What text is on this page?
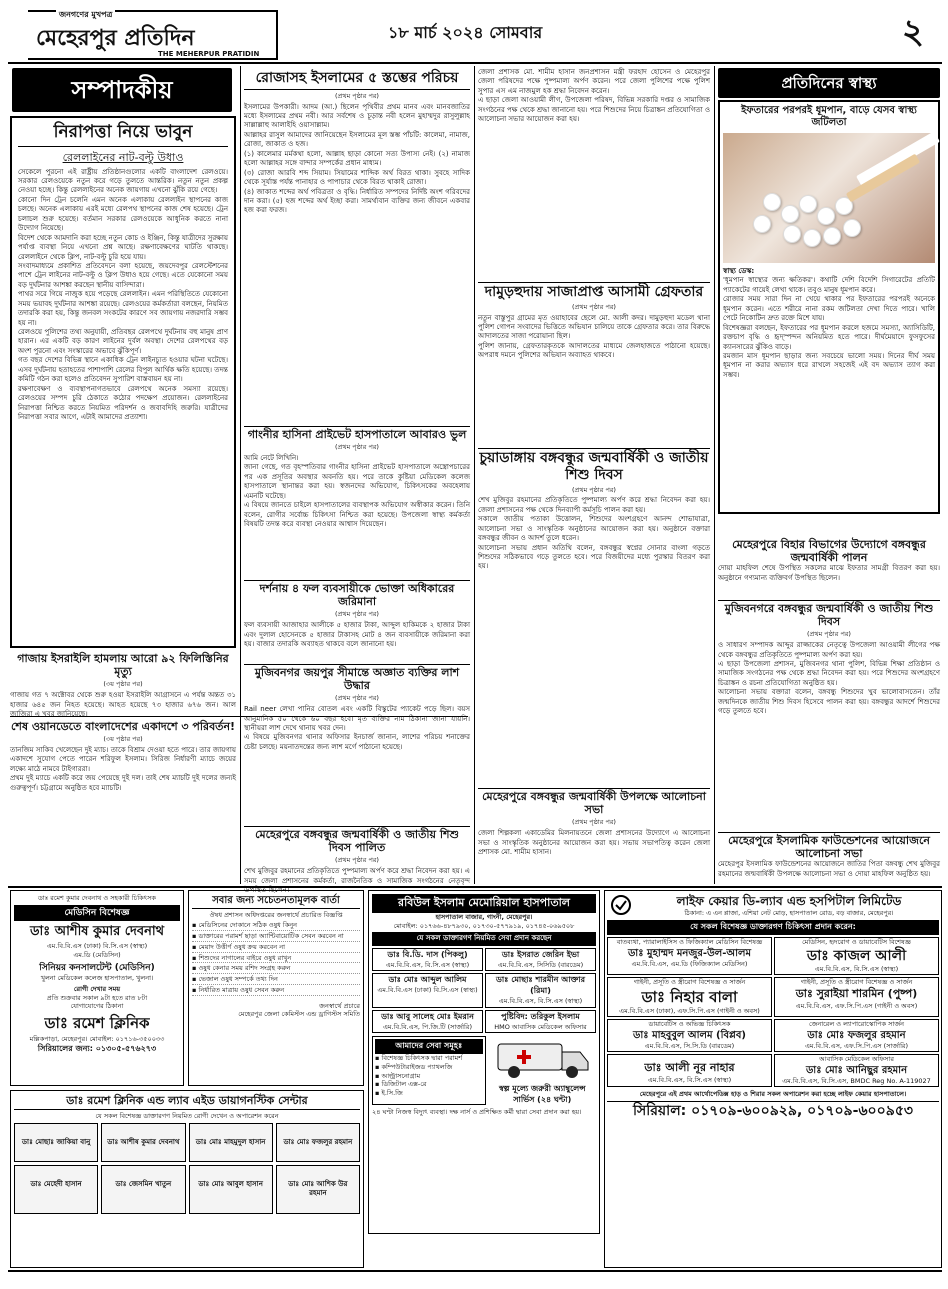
জনগণের মুখপত্র
মেহেরপুর প্রতিদিন
THE MEHERPUR PRATIDIN
১৮ মার্চ ২০২৪ সোমবার	২
সম্পাদকীয়
নিরাপত্তা নিয়ে ভাবুন
রেললাইনের নাট-বল্টু উধাও

সেকেলে পুরনো এই রাষ্ট্রীয় প্রতিষ্ঠানগুলোর একটি বাংলাদেশ রেলওয়ে। সরকার রেলওয়েকে নতুন করে গড়ে তুলতে আন্তরিক। নতুন নতুন প্রকল্প নেওয়া হচ্ছে। কিন্তু রেললাইনের অনেক জায়গায় এখনো ঝুঁকি রয়ে গেছে।

কোনো দিন ট্রেন চলেনি এমন অনেক এলাকায় রেললাইন স্থাপনের কাজ চলছে। অনেক এলাকায় এরই মধ্যে রেলপথ স্থাপনের কাজ শেষ হয়েছে। ট্রেন চলাচল শুরু হয়েছে। বর্তমান সরকার রেলওয়েকে আধুনিক করতে নানা উদ্যোগ নিয়েছে।

বিদেশ থেকে আমদানি করা হচ্ছে নতুন কোচ ও ইঞ্জিন, কিন্তু যাত্রীদের সুরক্ষায় পর্যাপ্ত ব্যবস্থা নিয়ে এখনো প্রশ্ন আছে। রক্ষণাবেক্ষণের ঘাটতি থাকছে। রেললাইনে থেকে ক্লিপ, নাট-বল্টু চুরি হয়ে যায়।

সংবাদমাধ্যমে প্রকাশিত প্রতিবেদনে বলা হয়েছে, জয়দেবপুর রেলস্টেশনের পাশে ট্রেন লাইনের নাট-বল্টু ও ক্লিপ উধাও হয়ে গেছে। এতে যেকোনো সময় বড় দুর্ঘটনার আশঙ্কা করছেন স্থানীয় বাসিন্দারা।

পাথর সরে গিয়ে নাজুক হয়ে পড়েছে রেললাইন। এমন পরিস্থিতিতে যেকোনো সময় ভয়াবহ দুর্ঘটনার আশঙ্কা রয়েছে। রেলওয়ের কর্মকর্তারা বলছেন, নিয়মিত তদারকি করা হয়, কিন্তু জনবল সংকটের কারণে সব জায়গায় নজরদারি সম্ভব হয় না।

রেলওয়ে পুলিশের তথ্য অনুযায়ী, প্রতিবছর রেলপথে দুর্ঘটনায় বহু মানুষ প্রাণ হারান। এর একটি বড় কারণ লাইনের দুর্বল অবস্থা। দেশের রেলপথের বড় অংশ পুরনো এবং সংস্কারের অভাবে ঝুঁকিপূর্ণ।

গত বছর দেশের বিভিন্ন স্থানে একাধিক ট্রেন লাইনচ্যুত হওয়ার ঘটনা ঘটেছে। এসব দুর্ঘটনায় হতাহতের পাশাপাশি রেলের বিপুল আর্থিক ক্ষতি হয়েছে। তদন্ত কমিটি গঠন করা হলেও প্রতিবেদন সুপারিশ বাস্তবায়ন হয় না।

রক্ষণাবেক্ষণ ও ব্যবস্থাপনাগতভাবে রেলপথে অনেক সমস্যা রয়েছে। রেলওয়ের সম্পদ চুরি ঠেকাতে কঠোর পদক্ষেপ প্রয়োজন। রেললাইনের নিরাপত্তা নিশ্চিত করতে নিয়মিত পরিদর্শন ও জবাবদিহি জরুরি। যাত্রীদের নিরাপত্তা সবার আগে, এটাই আমাদের প্রত্যাশা।

গাজায় ইসরাইলি হামলায় আরো ৯২ ফিলিস্তিনির মৃত্যু
(৩য় পৃষ্ঠার পর)

গাজায় গত ৭ অক্টোবর থেকে শুরু হওয়া ইসরাইলি আগ্রাসনে এ পর্যন্ত অন্তত ৩১ হাজার ৬৪৫ জন নিহত হয়েছে। আহত হয়েছে ৭৩ হাজার ৬৭৬ জন। আল জাজিরা এ খবর জানিয়েছে।

শেষ ওয়ানডেতে বাংলাদেশের একাদশে ৩ পরিবর্তন!
(৩য় পৃষ্ঠার পর)

তানজিম সাকিব খেলেছেন দুই ম্যাচ। তাকে বিশ্রাম দেওয়া হতে পারে। তার জায়গায় একাদশে সুযোগ পেতে পারেন শরিফুল ইসলাম। সিরিজ নির্ধারণী ম্যাচে জয়ের লক্ষ্যে মাঠে নামবে টাইগাররা।

প্রথম দুই ম্যাচে একটি করে জয় পেয়েছে দুই দল। তাই শেষ ম্যাচটি দুই দলের জন্যই গুরুত্বপূর্ণ। চট্টগ্রামে অনুষ্ঠিত হবে ম্যাচটি।

রোজাসহ ইসলামের ৫ স্তম্ভের পরিচয়
(প্রথম পৃষ্ঠার পর)

ইসলামের উপকারী। আদম (আ.) ছিলেন পৃথিবীর প্রথম মানব এবং মানবজাতির মধ্যে ইসলামের প্রথম নবী। আর সর্বশেষ ও চূড়ান্ত নবী হলেন মুহাম্মদুর রাসুলুল্লাহ সাল্লাল্লাহু আলাইহি ওয়াসাল্লাম।

আল্লাহর রাসুল আমাদের জানিয়েছেন ইসলামের মূল স্তম্ভ পাঁচটি: কালেমা, নামাজ, রোজা, জাকাত ও হজ।

(১) কালেমার মর্মকথা হলো, আল্লাহ ছাড়া কোনো সত্য উপাস্য নেই। (২) নামাজ হলো আল্লাহর সঙ্গে বান্দার সম্পর্কের প্রধান মাধ্যম।

(৩) রোজা আরবি শব্দ সিয়াম। সিয়ামের শাব্দিক অর্থ বিরত থাকা। সুবহে সাদিক থেকে সূর্যাস্ত পর্যন্ত পানাহার ও পাপাচার থেকে বিরত থাকাই রোজা।

(৪) জাকাত শব্দের অর্থ পবিত্রতা ও বৃদ্ধি। নির্ধারিত সম্পদের নির্দিষ্ট অংশ গরিবদের দান করা। (৫) হজ শব্দের অর্থ ইচ্ছা করা। সামর্থ্যবান ব্যক্তির জন্য জীবনে একবার হজ করা ফরজ।

গাংনীর হাসিনা প্রাইভেট হাসপাতালে আবারও ভুল
(প্রথম পৃষ্ঠার পর)

আমি নেটে লিখিনি।

জানা গেছে, গত বৃহস্পতিবার গাংনীর হাসিনা প্রাইভেট হাসপাতালে অস্ত্রোপচারের পর এক প্রসূতির অবস্থার অবনতি হয়। পরে তাকে কুষ্টিয়া মেডিকেল কলেজ হাসপাতালে স্থানান্তর করা হয়। স্বজনদের অভিযোগ, চিকিৎসকের অবহেলায় এমনটি ঘটেছে।

এ বিষয়ে জানতে চাইলে হাসপাতালের ব্যবস্থাপক অভিযোগ অস্বীকার করেন। তিনি বলেন, রোগীর সর্বোচ্চ চিকিৎসা নিশ্চিত করা হয়েছে। উপজেলা স্বাস্থ্য কর্মকর্তা বিষয়টি তদন্ত করে ব্যবস্থা নেওয়ার আশ্বাস দিয়েছেন।

দর্শনায় ৪ ফল ব্যবসায়ীকে ভোক্তা অধিকারের জরিমানা
(প্রথম পৃষ্ঠার পর)

ফল ব্যবসায়ী আজাহার আলীকে ৫ হাজার টাকা, আব্দুল হাকিমকে ২ হাজার টাকা এবং দুলাল হোসেনকে ৫ হাজার টাকাসহ মোট ৪ জন ব্যবসায়ীকে জরিমানা করা হয়। বাজার তদারকি অব্যাহত থাকবে বলে জানানো হয়।

মুজিবনগর জয়পুর সীমান্তে অজ্ঞাত ব্যক্তির লাশ উদ্ধার
(প্রথম পৃষ্ঠার পর)

Rail neer লেখা পানির বোতল এবং একটি বিস্কুটের প্যাকেট পড়ে ছিল। বয়স আনুমানিক ৫০ থেকে ৬০ বছর হবে। মৃত ব্যক্তির নাম ঠিকানা জানা যায়নি। স্থানীয়রা লাশ দেখে থানায় খবর দেন।

এ বিষয়ে মুজিবনগর থানার অফিসার ইনচার্জ জানান, লাশের পরিচয় শনাক্তের চেষ্টা চলছে। ময়নাতদন্তের জন্য লাশ মর্গে পাঠানো হয়েছে।

মেহেরপুরে বঙ্গবন্ধুর জন্মবার্ষিকী ও জাতীয় শিশু দিবস পালিত
(প্রথম পৃষ্ঠার পর)

শেখ মুজিবুর রহমানের প্রতিকৃতিতে পুষ্পমাল্য অর্পণ করে শ্রদ্ধা নিবেদন করা হয়। এ সময় জেলা প্রশাসনের কর্মকর্তা, রাজনৈতিক ও সামাজিক সংগঠনের নেতৃবৃন্দ উপস্থিত ছিলেন।

জেলা প্রশাসক মো. শামীম হাসান জনপ্রশাসন মন্ত্রী ফরহাদ হোসেন ও মেহেরপুর জেলা পরিষদের পক্ষে পুষ্পমাল্য অর্পণ করেন। পরে জেলা পুলিশের পক্ষে পুলিশ সুপার এস এম নাজমুল হক শ্রদ্ধা নিবেদন করেন।

এ ছাড়া জেলা আওয়ামী লীগ, উপজেলা পরিষদ, বিভিন্ন সরকারি দপ্তর ও সামাজিক সংগঠনের পক্ষ থেকে শ্রদ্ধা জানানো হয়। পরে শিশুদের নিয়ে চিত্রাঙ্কন প্রতিযোগিতা ও আলোচনা সভার আয়োজন করা হয়।

দামুড়হুদায় সাজাপ্রাপ্ত আসামী গ্রেফতার
(প্রথম পৃষ্ঠার পর)

নতুন বাস্তুপুর গ্রামের মৃত ওয়াহাবের ছেলে মো. আলী কদর। দামুড়হুদা মডেল থানা পুলিশ গোপন সংবাদের ভিত্তিতে অভিযান চালিয়ে তাকে গ্রেফতার করে। তার বিরুদ্ধে আদালতের সাজা পরোয়ানা ছিল।

পুলিশ জানায়, গ্রেফতারকৃতকে আদালতের মাধ্যমে জেলহাজতে পাঠানো হয়েছে। অপরাধ দমনে পুলিশের অভিযান অব্যাহত থাকবে।

চুয়াডাঙ্গায় বঙ্গবন্ধুর জন্মবার্ষিকী ও জাতীয় শিশু দিবস
(প্রথম পৃষ্ঠার পর)

শেখ মুজিবুর রহমানের প্রতিকৃতিতে পুষ্পমাল্য অর্পণ করে শ্রদ্ধা নিবেদন করা হয়। জেলা প্রশাসনের পক্ষ থেকে দিনব্যাপী কর্মসূচি পালন করা হয়।

সকালে জাতীয় পতাকা উত্তোলন, শিশুদের অংশগ্রহণে আনন্দ শোভাযাত্রা, আলোচনা সভা ও সাংস্কৃতিক অনুষ্ঠানের আয়োজন করা হয়। অনুষ্ঠানে বক্তারা বঙ্গবন্ধুর জীবন ও আদর্শ তুলে ধরেন।

আলোচনা সভায় প্রধান অতিথি বলেন, বঙ্গবন্ধুর স্বপ্নের সোনার বাংলা গড়তে শিশুদের সঠিকভাবে গড়ে তুলতে হবে। পরে বিজয়ীদের মধ্যে পুরস্কার বিতরণ করা হয়।

মেহেরপুরে বঙ্গবন্ধুর জন্মবার্ষিকী উপলক্ষে আলোচনা সভা
(প্রথম পৃষ্ঠার পর)

জেলা শিল্পকলা একাডেমির মিলনায়তনে জেলা প্রশাসনের উদ্যোগে এ আলোচনা সভা ও সাংস্কৃতিক অনুষ্ঠানের আয়োজন করা হয়। সভায় সভাপতিত্ব করেন জেলা প্রশাসক মো. শামীম হাসান।

প্রতিদিনের স্বাস্থ্য
ইফতারের পরপরই ধূমপান, বাড়ে যেসব স্বাস্থ্য জটিলতা

স্বাস্থ্য ডেস্ক:

'ধূমপান স্বাস্থ্যের জন্য ক্ষতিকর'। কথাটি দেশি বিদেশি সিগারেটের প্রতিটি প্যাকেটের গায়েই লেখা থাকে। তবুও মানুষ ধূমপান করে।

রোজার সময় সারা দিন না খেয়ে থাকার পর ইফতারের পরপরই অনেকে ধূমপান করেন। এতে শরীরে নানা রকম জটিলতা দেখা দিতে পারে। খালি পেটে নিকোটিন দ্রুত রক্তে মিশে যায়।

বিশেষজ্ঞরা বলছেন, ইফতারের পর ধূমপান করলে হজমে সমস্যা, অ্যাসিডিটি, রক্তচাপ বৃদ্ধি ও হৃদ্‌স্পন্দন অনিয়মিত হতে পারে। দীর্ঘমেয়াদে ফুসফুসের ক্যানসারের ঝুঁকিও বাড়ে।

রমজান মাস ধূমপান ছাড়ার জন্য সবচেয়ে ভালো সময়। দিনের দীর্ঘ সময় ধূমপান না করার অভ্যাস ধরে রাখলে সহজেই এই বদ অভ্যাস ত্যাগ করা সম্ভব।

মেহেরপুরে বিহার বিভাগের উদ্যোগে বঙ্গবন্ধুর জন্মবার্ষিকী পালন

দোয়া মাহফিল শেষে উপস্থিত সকলের মাঝে ইফতার সামগ্রী বিতরণ করা হয়। অনুষ্ঠানে গণ্যমান্য ব্যক্তিবর্গ উপস্থিত ছিলেন।

মুজিবনগরে বঙ্গবন্ধুর জন্মবার্ষিকী ও জাতীয় শিশু দিবস
(প্রথম পৃষ্ঠার পর)

ও সাধারণ সম্পাদক আব্দুর রাজ্জাকের নেতৃত্বে উপজেলা আওয়ামী লীগের পক্ষ থেকে বঙ্গবন্ধুর প্রতিকৃতিতে পুষ্পমাল্য অর্পণ করা হয়।

এ ছাড়া উপজেলা প্রশাসন, মুজিবনগর থানা পুলিশ, বিভিন্ন শিক্ষা প্রতিষ্ঠান ও সামাজিক সংগঠনের পক্ষ থেকে শ্রদ্ধা নিবেদন করা হয়। পরে শিশুদের অংশগ্রহণে চিত্রাঙ্কন ও রচনা প্রতিযোগিতা অনুষ্ঠিত হয়।

আলোচনা সভায় বক্তারা বলেন, বঙ্গবন্ধু শিশুদের খুব ভালোবাসতেন। তাঁর জন্মদিনকে জাতীয় শিশু দিবস হিসেবে পালন করা হয়। বঙ্গবন্ধুর আদর্শে শিশুদের গড়ে তুলতে হবে।

মেহেরপুরে ইসলামিক ফাউন্ডেশনের আয়োজনে আলোচনা সভা

মেহেরপুর ইসলামিক ফাউন্ডেশনের আয়োজনে জাতির পিতা বঙ্গবন্ধু শেখ মুজিবুর রহমানের জন্মবার্ষিকী উপলক্ষে আলোচনা সভা ও দোয়া মাহফিল অনুষ্ঠিত হয়।

ডাঃ রমেশ কুমার দেবনাথ ও সহকারী চিকিৎসক
মেডিসিন বিশেষজ্ঞ
ডাঃ আশীষ কুমার দেবনাথ
এম.বি.বি.এস (ঢাকা) বি.সি.এস (স্বাস্থ্য)
এম.ডি (মেডিসিন)
সিনিয়র কনসালটেন্ট (মেডিসিন)
খুলনা মেডিকেল কলেজ হাসপাতাল, খুলনা।
রোগী দেখার সময়
প্রতি শুক্রবার সকাল ৯টা হতে রাত ৮টা
যোগাযোগের ঠিকানা
ডাঃ রমেশ ক্লিনিক
মল্লিকপাড়া, মেহেরপুর। মোবাইল: ০১৭১৬-৩৫০০৩৩
সিরিয়ালের জন্য: ০১৩০৫-৫৭৬২৭৩
সবার জন্য সচেতনতামূলক বার্তা
ঔষধ প্রশাসন অধিদপ্তরের জনস্বার্থে প্রচারিত বিজ্ঞপ্তি
▪ মেডিসিনের দোকানে সঠিক ওষুধ কিনুন
▪ ডাক্তারের পরামর্শ ছাড়া অ্যান্টিবায়োটিক সেবন করবেন না
▪ মেয়াদ উত্তীর্ণ ওষুধ ক্রয় করবেন না
▪ শিশুদের নাগালের বাইরে ওষুধ রাখুন
▪ ওষুধ কেনার সময় রশিদ সংগ্রহ করুন
▪ ভেজাল ওষুধ সম্পর্কে তথ্য দিন
▪ নির্ধারিত মাত্রায় ওষুধ সেবন করুন
জনস্বার্থে প্রচারে
মেহেরপুর জেলা কেমিস্টস এন্ড ড্রাগিস্টস সমিতি
রবিউল ইসলাম মেমোরিয়াল হাসপাতাল
হাসপাতাল বাজার, গাংনী, মেহেরপুর।
মোবাইল: ০১৭৬৬-৪৮৭৯৩০, ০১৭৩০-৫৭৭৯১৯, ০১৭৪৫-০৬৯৫০৮
যে সকল ডাক্তারগণ নিয়মিত সেবা প্রদান করছেন
ডাঃ বি.ডি. দাস (পিকলু)
এম.বি.বি.এস, বি.সি.এস (স্বাস্থ্য)
ডাঃ ইসরাত জেরিন ইভা
এম.বি.বি.এস, সিসিডি (বারডেম)
ডাঃ মোঃ আব্দুল আলিম
এম.বি.বি.এস (ঢাকা) বি.সি.এস (স্বাস্থ্য)
ডাঃ মোছাঃ শারমীন আক্তার (রিমা)
এম.বি.বি.এস, বি.সি.এস (স্বাস্থ্য)
ডাঃ আবু সালেহ মোঃ ইমরান
এম.বি.বি.এস, পি.জি.টি (সার্জারি)
পুষ্টিবিদ: তরিকুল ইসলাম
HMO আবাসিক মেডিকেল অফিসার
আমাদের সেবা সমূহঃ
▪ বিশেষজ্ঞ চিকিৎসক দ্বারা পরামর্শ
▪ কম্পিউটারাইজড প্যাথলজি
▪ আল্ট্রাসনোগ্রাম
▪ ডিজিটাল এক্স-রে
▪ ই.সি.জি
স্বল্প মূল্যে জরুরী অ্যাম্বুলেন্স সার্ভিস (২৪ ঘন্টা)
২৪ ঘণ্টা নিজস্ব বিদ্যুৎ ব্যবস্থা। দক্ষ নার্স ও প্রশিক্ষিত কর্মী দ্বারা সেবা প্রদান করা হয়।
লাইফ কেয়ার ডি-ল্যাব এন্ড হসপিটাল লিমিটেড
ঠিকানা: এ এন প্লাজা, এশিয়া নেট মোড়, হাসপাতাল রোড, বড় বাজার, মেহেরপুর।
যে সকল বিশেষজ্ঞ ডাক্তারগণ চিকিৎসা প্রদান করেন:
বাতব্যথা, প্যারালাইসিস ও ফিজিক্যাল মেডিসিন বিশেষজ্ঞ
ডাঃ মুহাম্মদ মনজুর-উল-আলম
এম.বি.বি.এস, এম.ডি (ফিজিক্যাল মেডিসিন)
মেডিসিন, হৃদরোগ ও ডায়াবেটিস বিশেষজ্ঞ
ডাঃ কাজল আলী
এম.বি.বি.এস, বি.সি.এস (স্বাস্থ্য)
গাইনী, প্রসূতি ও স্ত্রীরোগ বিশেষজ্ঞ ও সার্জন
ডাঃ নিহার বালা
এম.বি.বি.এস (ঢাকা), এফ.সি.পি.এস (গাইনী ও অবস)
গাইনী, প্রসূতি ও স্ত্রীরোগ বিশেষজ্ঞ ও সার্জন
ডাঃ সুরাইয়া শারমিন (পুষ্প)
এম.বি.বি.এস, এফ.সি.পি.এস (গাইনী ও অবস)
ডায়াবেটিস ও অভিজ্ঞ চিকিৎসক
ডাঃ মাহবুবুল আলম (বিপ্লব)
এম.বি.বি.এস, সি.সি.ডি (বারডেম)
জেনারেল ও ল্যাপারোস্কোপিক সার্জন
ডাঃ মোঃ ফজলুর রহমান
এম.বি.বি.এস, এফ.সি.পি.এস (সার্জারি)
ডাঃ আলী নূর নাহার
এম.বি.বি.এস, বি.সি.এস (স্বাস্থ্য)
আবাসিক মেডিকেল অফিসার
ডাঃ মোঃ আনিছুর রহমান
এম.বি.বি.এস, বি.সি.এস, BMDC Reg No. A-119027
মেহেরপুরে এই প্রথম আর্থোপেডিক্স হাড় ও শিরার সকল অপারেশন করা হচ্ছে লাইফ কেয়ার হাসপাতালে।
সিরিয়াল: ০১৭০৯-৬০০৯২৯, ০১৭০৯-৬০০৯৫৩
ডাঃ রমেশ ক্লিনিক এন্ড ল্যাব এইড ডায়াগনস্টিক সেন্টার
যে সকল বিশেষজ্ঞ ডাক্তারগণ নিয়মিত রোগী দেখেন ও অপারেশন করেন
ডাঃ মোছাঃ জাকিয়া বানু	ডাঃ আশীষ কুমার দেবনাথ	ডাঃ মোঃ মাহমুদুল হাসান	ডাঃ মোঃ ফজলুর রহমান
ডাঃ মেহেদী হাসান	ডাঃ জেসমিন খাতুন	ডাঃ মোঃ আবুল হাসান	ডাঃ মোঃ আশিক উর রহমান
